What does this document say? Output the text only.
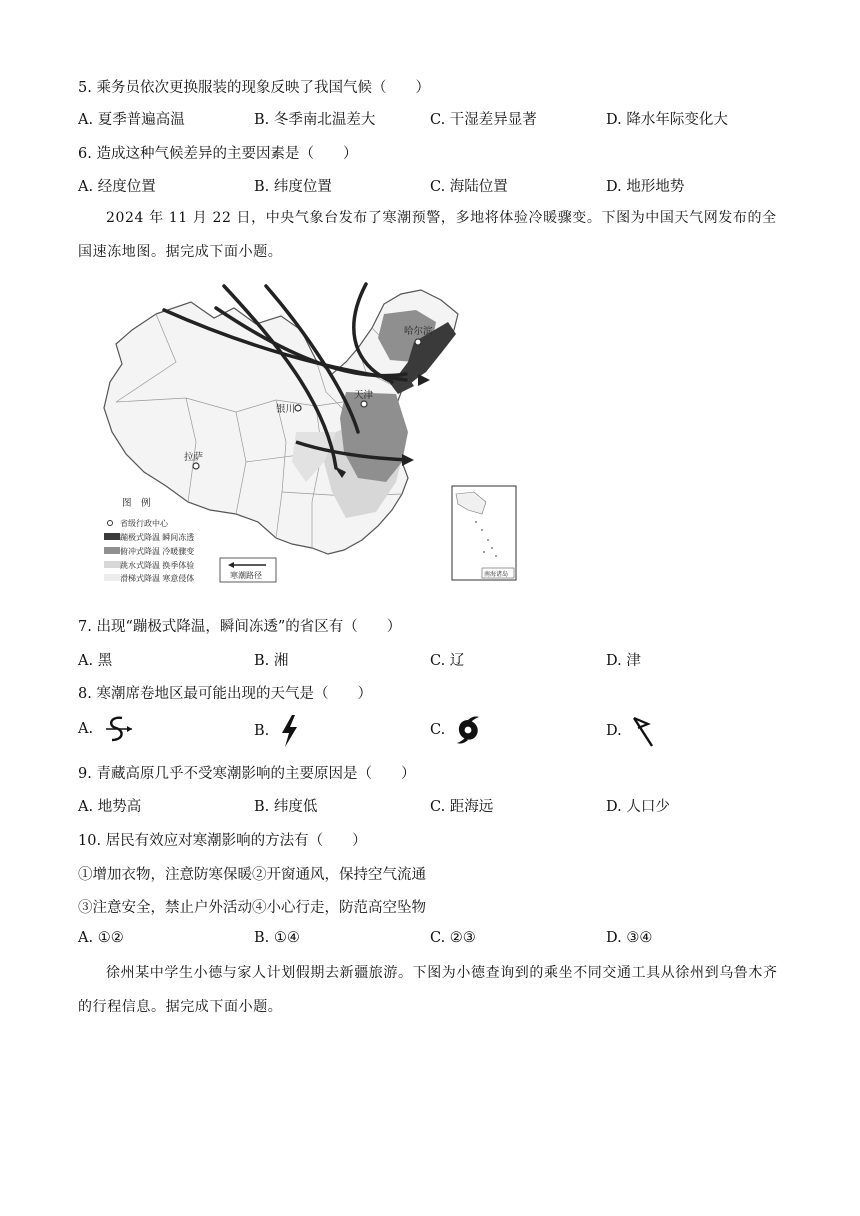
5. 乘务员依次更换服装的现象反映了我国气候（　　）
A. 夏季普遍高温	B. 冬季南北温差大	C. 干湿差异显著	D. 降水年际变化大
6. 造成这种气候差异的主要因素是（　　）
A. 经度位置	B. 纬度位置	C. 海陆位置	D. 地形地势
2024 年 11 月 22 日，中央气象台发布了寒潮预警，多地将体验冷暖骤变。下图为中国天气网发布的全国速冻地图。据完成下面小题。
哈尔滨
天津
银川
拉萨
图　例
省级行政中心
蹦极式降温 瞬间冻透
俯冲式降温 冷暖骤变
跳水式降温 换季体验
滑梯式降温 寒意侵体	寒潮路径	南海诸岛
7. 出现“蹦极式降温，瞬间冻透”的省区有（　　）
A. 黑	B. 湘	C. 辽	D. 津
8. 寒潮席卷地区最可能出现的天气是（　　）
A.	B.	C.	D.
9. 青藏高原几乎不受寒潮影响的主要原因是（　　）
A. 地势高	B. 纬度低	C. 距海远	D. 人口少
10. 居民有效应对寒潮影响的方法有（　　）
①增加衣物，注意防寒保暖②开窗通风，保持空气流通
③注意安全，禁止户外活动④小心行走，防范高空坠物
A. ①②	B. ①④	C. ②③	D. ③④
徐州某中学生小德与家人计划假期去新疆旅游。下图为小德查询到的乘坐不同交通工具从徐州到乌鲁木齐的行程信息。据完成下面小题。
